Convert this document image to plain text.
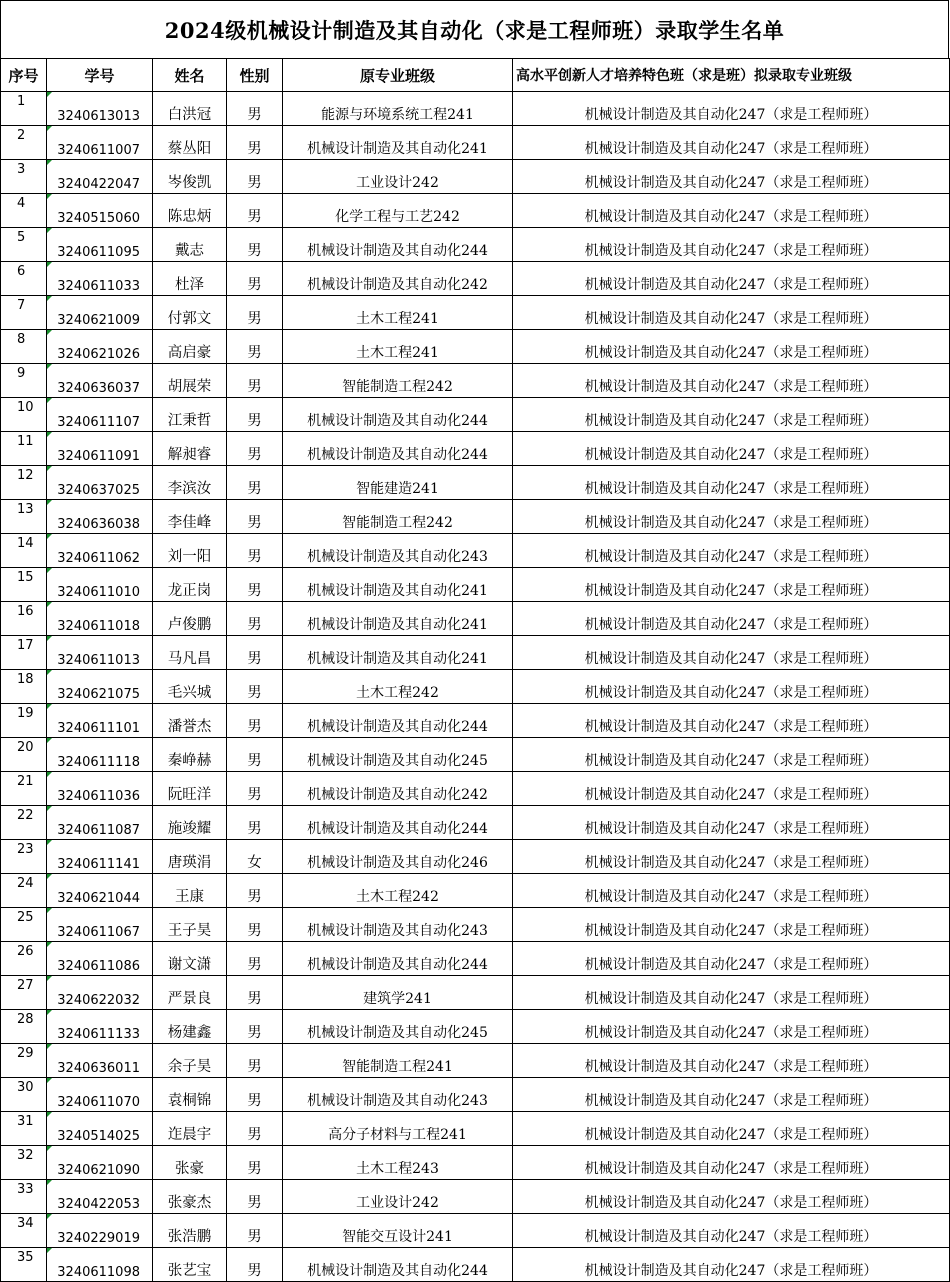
2024级机械设计制造及其自动化（求是工程师班）录取学生名单
序号	学号	姓名	性别	原专业班级	高水平创新人才培养特色班（求是班）拟录取专业班级
1	3240613013	白洪冠	男	能源与环境系统工程241	机械设计制造及其自动化247（求是工程师班）
2	3240611007	蔡丛阳	男	机械设计制造及其自动化241	机械设计制造及其自动化247（求是工程师班）
3	3240422047	岑俊凯	男	工业设计242	机械设计制造及其自动化247（求是工程师班）
4	3240515060	陈忠炳	男	化学工程与工艺242	机械设计制造及其自动化247（求是工程师班）
5	3240611095	戴志	男	机械设计制造及其自动化244	机械设计制造及其自动化247（求是工程师班）
6	3240611033	杜泽	男	机械设计制造及其自动化242	机械设计制造及其自动化247（求是工程师班）
7	3240621009	付郭文	男	土木工程241	机械设计制造及其自动化247（求是工程师班）
8	3240621026	高启豪	男	土木工程241	机械设计制造及其自动化247（求是工程师班）
9	3240636037	胡展荣	男	智能制造工程242	机械设计制造及其自动化247（求是工程师班）
10	3240611107	江秉哲	男	机械设计制造及其自动化244	机械设计制造及其自动化247（求是工程师班）
11	3240611091	解昶睿	男	机械设计制造及其自动化244	机械设计制造及其自动化247（求是工程师班）
12	3240637025	李滨汝	男	智能建造241	机械设计制造及其自动化247（求是工程师班）
13	3240636038	李佳峰	男	智能制造工程242	机械设计制造及其自动化247（求是工程师班）
14	3240611062	刘一阳	男	机械设计制造及其自动化243	机械设计制造及其自动化247（求是工程师班）
15	3240611010	龙正岗	男	机械设计制造及其自动化241	机械设计制造及其自动化247（求是工程师班）
16	3240611018	卢俊鹏	男	机械设计制造及其自动化241	机械设计制造及其自动化247（求是工程师班）
17	3240611013	马凡昌	男	机械设计制造及其自动化241	机械设计制造及其自动化247（求是工程师班）
18	3240621075	毛兴城	男	土木工程242	机械设计制造及其自动化247（求是工程师班）
19	3240611101	潘誉杰	男	机械设计制造及其自动化244	机械设计制造及其自动化247（求是工程师班）
20	3240611118	秦峥赫	男	机械设计制造及其自动化245	机械设计制造及其自动化247（求是工程师班）
21	3240611036	阮旺洋	男	机械设计制造及其自动化242	机械设计制造及其自动化247（求是工程师班）
22	3240611087	施竣耀	男	机械设计制造及其自动化244	机械设计制造及其自动化247（求是工程师班）
23	3240611141	唐瑛涓	女	机械设计制造及其自动化246	机械设计制造及其自动化247（求是工程师班）
24	3240621044	王康	男	土木工程242	机械设计制造及其自动化247（求是工程师班）
25	3240611067	王子昊	男	机械设计制造及其自动化243	机械设计制造及其自动化247（求是工程师班）
26	3240611086	谢文潇	男	机械设计制造及其自动化244	机械设计制造及其自动化247（求是工程师班）
27	3240622032	严景良	男	建筑学241	机械设计制造及其自动化247（求是工程师班）
28	3240611133	杨建鑫	男	机械设计制造及其自动化245	机械设计制造及其自动化247（求是工程师班）
29	3240636011	余子昊	男	智能制造工程241	机械设计制造及其自动化247（求是工程师班）
30	3240611070	袁桐锦	男	机械设计制造及其自动化243	机械设计制造及其自动化247（求是工程师班）
31	3240514025	迮晨宇	男	高分子材料与工程241	机械设计制造及其自动化247（求是工程师班）
32	3240621090	张豪	男	土木工程243	机械设计制造及其自动化247（求是工程师班）
33	3240422053	张豪杰	男	工业设计242	机械设计制造及其自动化247（求是工程师班）
34	3240229019	张浩鹏	男	智能交互设计241	机械设计制造及其自动化247（求是工程师班）
35	3240611098	张艺宝	男	机械设计制造及其自动化244	机械设计制造及其自动化247（求是工程师班）
